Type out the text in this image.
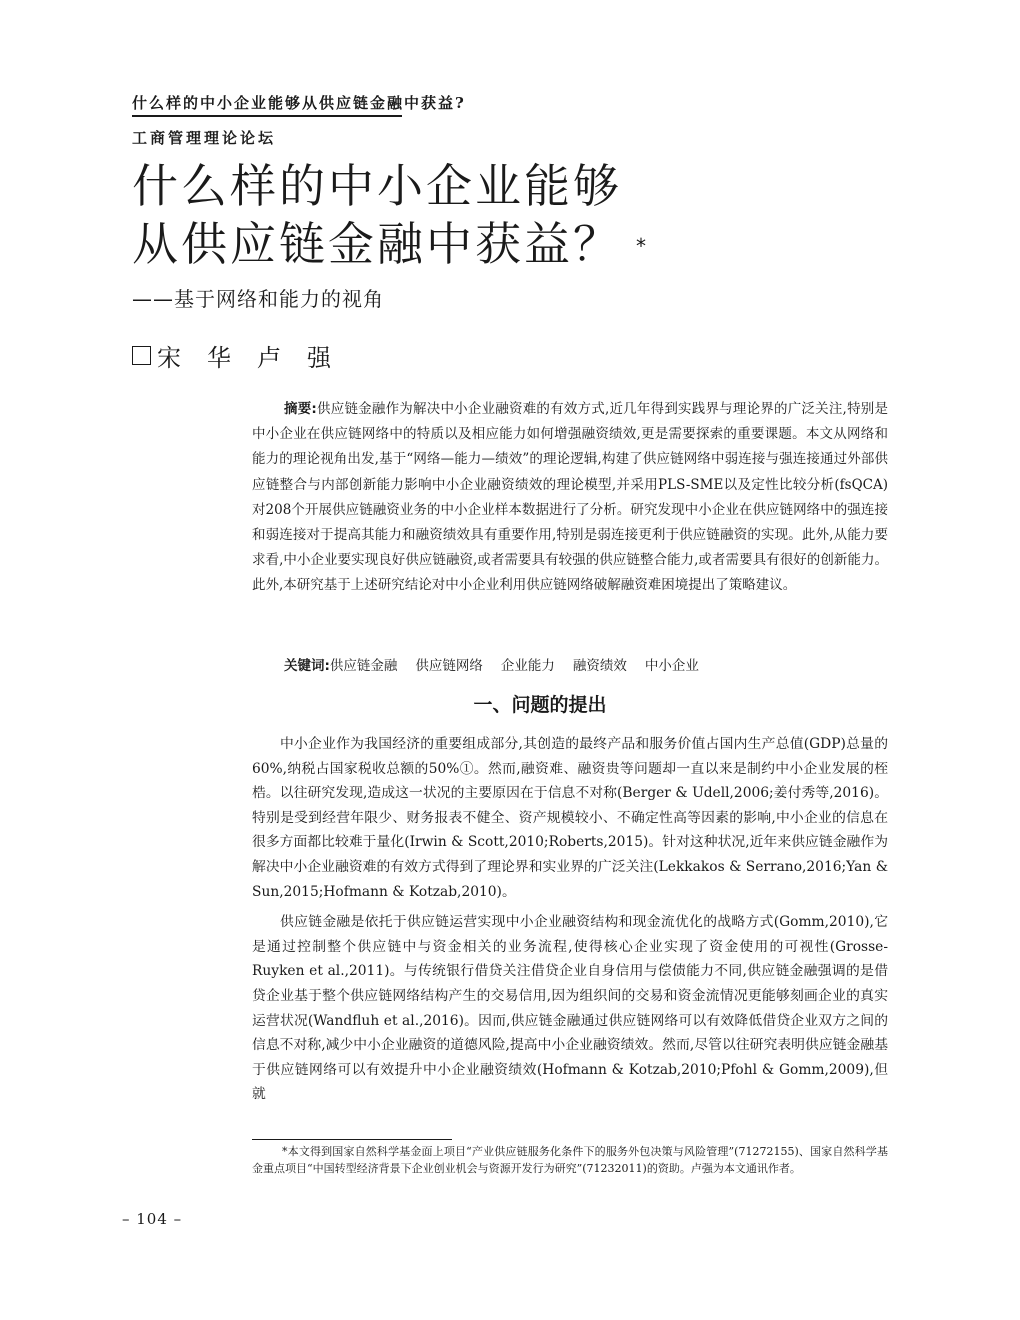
什么样的中小企业能够从供应链金融中获益?
工商管理理论论坛
什么样的中小企业能够
从供应链金融中获益？ *
——基于网络和能力的视角
宋华卢强
摘要:供应链金融作为解决中小企业融资难的有效方式,近几年得到实践界与理论界的广泛关注,特别是中小企业在供应链网络中的特质以及相应能力如何增强融资绩效,更是需要探索的重要课题。本文从网络和能力的理论视角出发,基于“网络—能力—绩效”的理论逻辑,构建了供应链网络中弱连接与强连接通过外部供应链整合与内部创新能力影响中小企业融资绩效的理论模型,并采用PLS-SME以及定性比较分析(fsQCA)对208个开展供应链融资业务的中小企业样本数据进行了分析。研究发现中小企业在供应链网络中的强连接和弱连接对于提高其能力和融资绩效具有重要作用,特别是弱连接更利于供应链融资的实现。此外,从能力要求看,中小企业要实现良好供应链融资,或者需要具有较强的供应链整合能力,或者需要具有很好的创新能力。此外,本研究基于上述研究结论对中小企业利用供应链网络破解融资难困境提出了策略建议。
关键词:供应链金融 供应链网络 企业能力 融资绩效 中小企业
一、问题的提出

中小企业作为我国经济的重要组成部分,其创造的最终产品和服务价值占国内生产总值(GDP)总量的60%,纳税占国家税收总额的50%①。然而,融资难、融资贵等问题却一直以来是制约中小企业发展的桎梏。以往研究发现,造成这一状况的主要原因在于信息不对称(Berger & Udell,2006;姜付秀等,2016)。特别是受到经营年限少、财务报表不健全、资产规模较小、不确定性高等因素的影响,中小企业的信息在很多方面都比较难于量化(Irwin & Scott,2010;Roberts,2015)。针对这种状况,近年来供应链金融作为解决中小企业融资难的有效方式得到了理论界和实业界的广泛关注(Lekkakos & Serrano,2016;Yan & Sun,2015;Hofmann & Kotzab,2010)。

供应链金融是依托于供应链运营实现中小企业融资结构和现金流优化的战略方式(Gomm,2010),它是通过控制整个供应链中与资金相关的业务流程,使得核心企业实现了资金使用的可视性(Grosse-Ruyken et al.,2011)。与传统银行借贷关注借贷企业自身信用与偿债能力不同,供应链金融强调的是借贷企业基于整个供应链网络结构产生的交易信用,因为组织间的交易和资金流情况更能够刻画企业的真实运营状况(Wandfluh et al.,2016)。因而,供应链金融通过供应链网络可以有效降低借贷企业双方之间的信息不对称,减少中小企业融资的道德风险,提高中小企业融资绩效。然而,尽管以往研究表明供应链金融基于供应链网络可以有效提升中小企业融资绩效(Hofmann & Kotzab,2010;Pfohl & Gomm,2009),但就

*本文得到国家自然科学基金面上项目“产业供应链服务化条件下的服务外包决策与风险管理”(71272155)、国家自然科学基金重点项目“中国转型经济背景下企业创业机会与资源开发行为研究”(71232011)的资助。卢强为本文通讯作者。
– 104 –
